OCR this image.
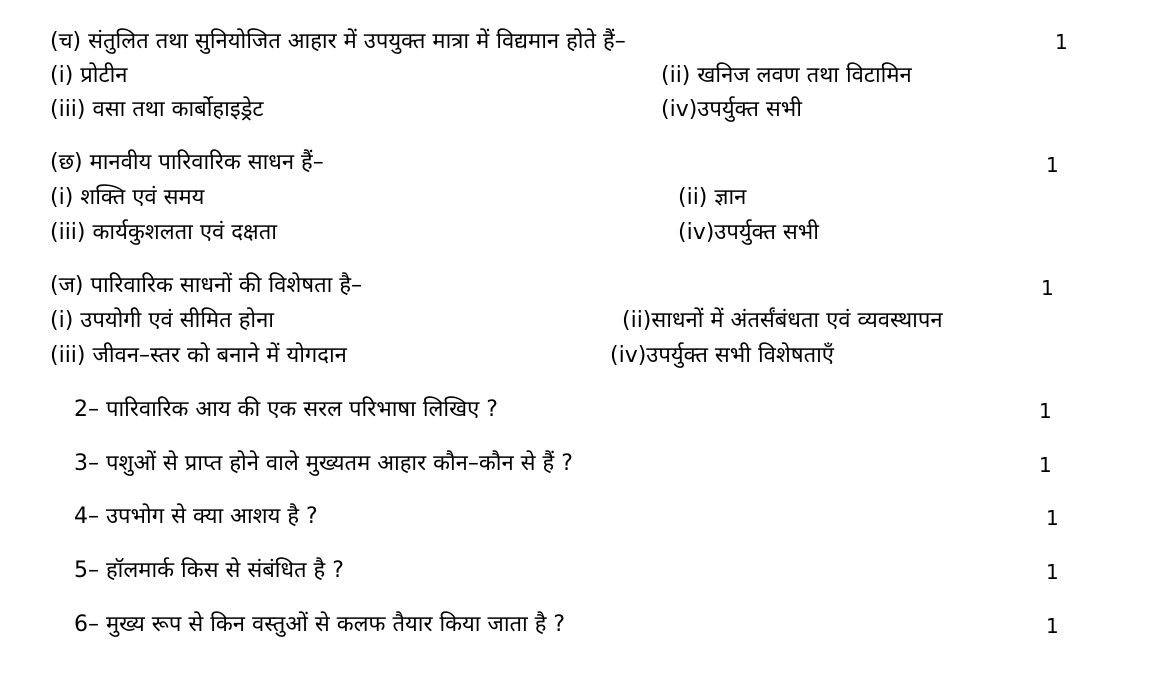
(च) संतुलित तथा सुनियोजित आहार में उपयुक्त मात्रा में विद्यमान होते हैं–	1
(i) प्रोटीन	(ii) खनिज लवण तथा विटामिन
(iii) वसा तथा कार्बोहाइड्रेट	(iv)उपर्युक्त सभी
(छ) मानवीय पारिवारिक साधन हैं–	1
(i) शक्ति एवं समय	(ii) ज्ञान
(iii) कार्यकुशलता एवं दक्षता	(iv)उपर्युक्त सभी
(ज) पारिवारिक साधनों की विशेषता है–	1
(i) उपयोगी एवं सीमित होना	(ii)साधनों में अंतर्संबंधता एवं व्यवस्थापन
(iii) जीवन–स्तर को बनाने में योगदान	(iv)उपर्युक्त सभी विशेषताएँ
2– पारिवारिक आय की एक सरल परिभाषा लिखिए ?	1
3– पशुओं से प्राप्त होने वाले मुख्यतम आहार कौन–कौन से हैं ?	1
4– उपभोग से क्या आशय है ?	1
5– हॉलमार्क किस से संबंधित है ?	1
6– मुख्य रूप से किन वस्तुओं से कलफ तैयार किया जाता है ?	1
